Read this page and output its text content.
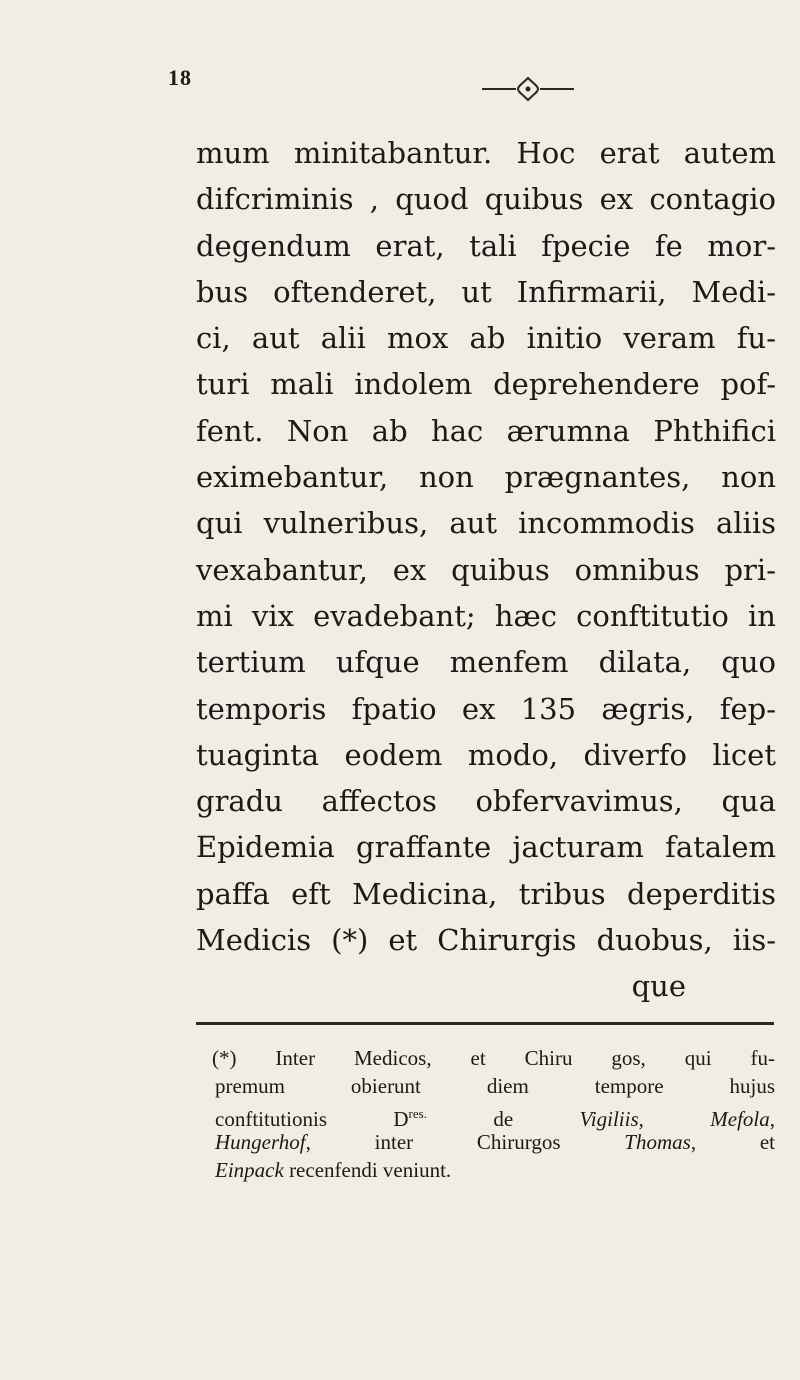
18
mum minitabantur. Hoc erat autem
difcriminis , quod quibus ex contagio
degendum erat, tali fpecie fe mor-
bus oftenderet, ut Infirmarii, Medi-
ci, aut alii mox ab initio veram fu-
turi mali indolem deprehendere pof-
fent. Non ab hac ærumna Phthifici
eximebantur, non prægnantes, non
qui vulneribus, aut incommodis aliis
vexabantur, ex quibus omnibus pri-
mi vix evadebant; hæc conftitutio in
tertium ufque menfem dilata, quo
temporis fpatio ex 135 ægris, fep-
tuaginta eodem modo, diverfo licet
gradu affectos obfervavimus, qua
Epidemia graffante jacturam fatalem
paffa eft Medicina, tribus deperditis
Medicis (*) et Chirurgis duobus, iis-
que
(*) Inter Medicos, et Chiru gos, qui fu-
premum obierunt diem tempore hujus
conftitutionis $D^{res.}$ de Vigiliis, Mefola,
Hungerhof, inter Chirurgos Thomas, et
Einpack recenfendi veniunt.
